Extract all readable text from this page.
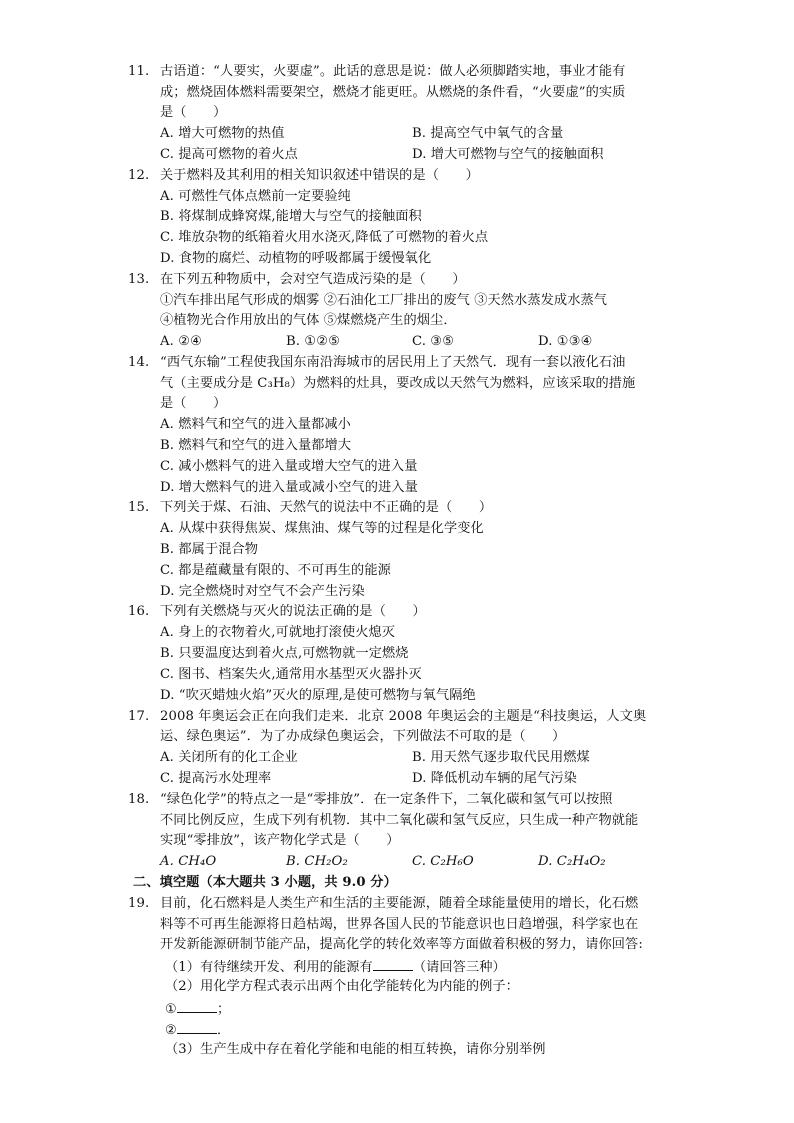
11. 古语道：“人要实，火要虚”。此话的意思是说：做人必须脚踏实地，事业才能有
成；燃烧固体燃料需要架空，燃烧才能更旺。从燃烧的条件看，“火要虚”的实质
是（　　）
A. 增大可燃物的热值	B. 提高空气中氧气的含量
C. 提高可燃物的着火点	D. 增大可燃物与空气的接触面积
12. 关于燃料及其利用的相关知识叙述中错误的是（　　）
A. 可燃性气体点燃前一定要验纯
B. 将煤制成蜂窝煤,能增大与空气的接触面积
C. 堆放杂物的纸箱着火用水浇灭,降低了可燃物的着火点
D. 食物的腐烂、动植物的呼吸都属于缓慢氧化
13. 在下列五种物质中，会对空气造成污染的是（　　）
①汽车排出尾气形成的烟雾 ②石油化工厂排出的废气 ③天然水蒸发成水蒸气
④植物光合作用放出的气体 ⑤煤燃烧产生的烟尘．
A. ②④	B. ①②⑤	C. ③⑤	D. ①③④
14. “西气东输”工程使我国东南沿海城市的居民用上了天然气．现有一套以液化石油
气（主要成分是 C₃H₈）为燃料的灶具，要改成以天然气为燃料，应该采取的措施
是（　　）
A. 燃料气和空气的进入量都减小
B. 燃料气和空气的进入量都增大
C. 减小燃料气的进入量或增大空气的进入量
D. 增大燃料气的进入量或减小空气的进入量
15. 下列关于煤、石油、天然气的说法中不正确的是（　　）
A. 从煤中获得焦炭、煤焦油、煤气等的过程是化学变化
B. 都属于混合物
C. 都是蕴藏量有限的、不可再生的能源
D. 完全燃烧时对空气不会产生污染
16. 下列有关燃烧与灭火的说法正确的是（　　）
A. 身上的衣物着火,可就地打滚使火熄灭
B. 只要温度达到着火点,可燃物就一定燃烧
C. 图书、档案失火,通常用水基型灭火器扑灭
D. “吹灭蜡烛火焰”灭火的原理,是使可燃物与氧气隔绝
17. 2008 年奥运会正在向我们走来．北京 2008 年奥运会的主题是“科技奥运，人文奥
运、绿色奥运”．为了办成绿色奥运会，下列做法不可取的是（　　）
A. 关闭所有的化工企业	B. 用天然气逐步取代民用燃煤
C. 提高污水处理率	D. 降低机动车辆的尾气污染
18. “绿色化学”的特点之一是“零排放”．在一定条件下，二氧化碳和氢气可以按照
不同比例反应，生成下列有机物．其中二氧化碳和氢气反应，只生成一种产物就能
实现“零排放”，该产物化学式是（　　）
A. CH₄O	B. CH₂O₂	C. C₂H₆O	D. C₂H₄O₂
二、填空题（本大题共 3 小题，共 9.0 分）
19. 目前，化石燃料是人类生产和生活的主要能源，随着全球能量使用的增长，化石燃
料等不可再生能源将日趋枯竭，世界各国人民的节能意识也日趋增强，科学家也在
开发新能源研制节能产品，提高化学的转化效率等方面做着积极的努力，请你回答:
（1）有待继续开发、利用的能源有	（请回答三种）
（2）用化学方程式表示出两个由化学能转化为内能的例子：
①	；
②	．
（3）生产生成中存在着化学能和电能的相互转换，请你分别举例
